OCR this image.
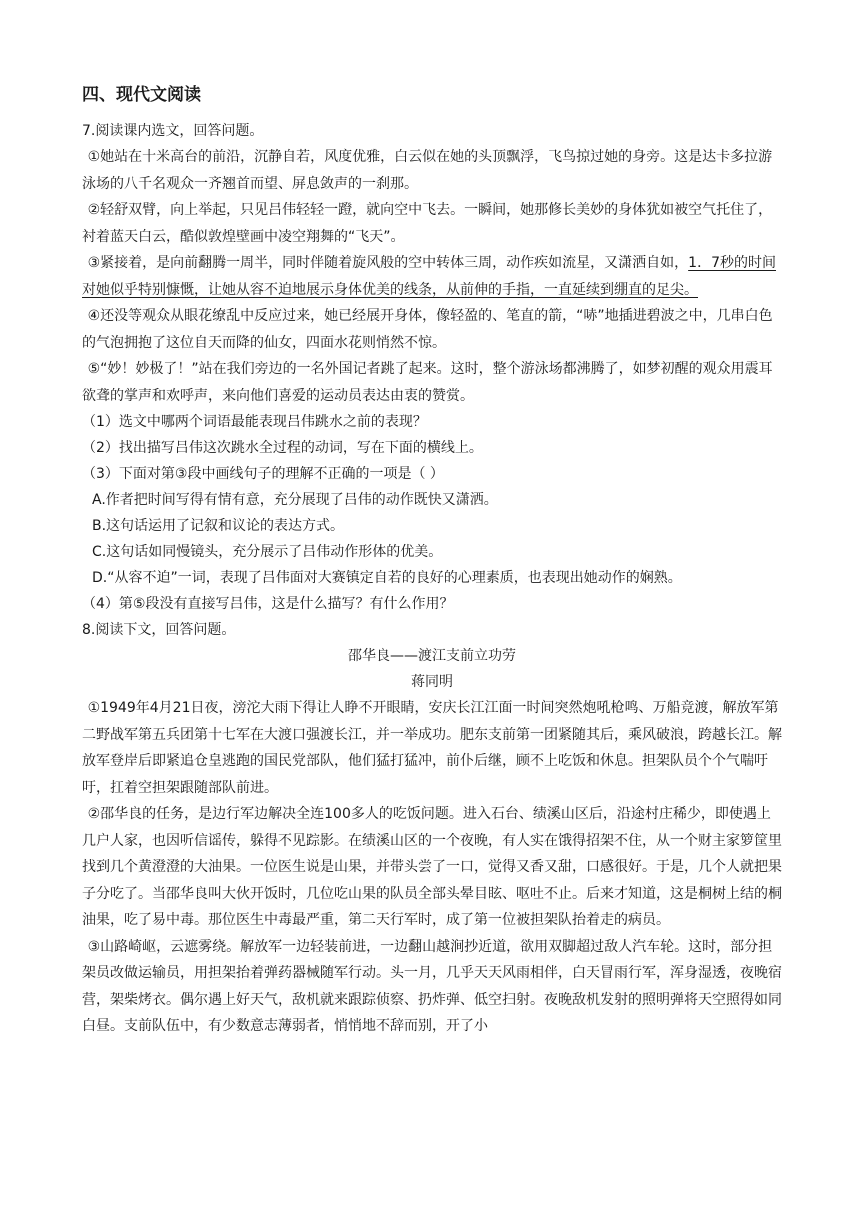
四、现代文阅读

7.阅读课内选文，回答问题。

①她站在十米高台的前沿，沉静自若，风度优雅，白云似在她的头顶飘浮，飞鸟掠过她的身旁。这是达卡多拉游泳场的八千名观众一齐翘首而望、屏息敛声的一刹那。

②轻舒双臂，向上举起，只见吕伟轻轻一蹬，就向空中飞去。一瞬间，她那修长美妙的身体犹如被空气托住了，衬着蓝天白云，酷似敦煌壁画中凌空翔舞的“飞天”。

③紧接着，是向前翻腾一周半，同时伴随着旋风般的空中转体三周，动作疾如流星，又潇洒自如，1．7秒的时间对她似乎特别慷慨，让她从容不迫地展示身体优美的线条，从前伸的手指，一直延续到绷直的足尖。

④还没等观众从眼花缭乱中反应过来，她已经展开身体，像轻盈的、笔直的箭，“哧”地插进碧波之中，几串白色的气泡拥抱了这位自天而降的仙女，四面水花则悄然不惊。

⑤“妙！妙极了！”站在我们旁边的一名外国记者跳了起来。这时，整个游泳场都沸腾了，如梦初醒的观众用震耳欲聋的掌声和欢呼声，来向他们喜爱的运动员表达由衷的赞赏。

（1）选文中哪两个词语最能表现吕伟跳水之前的表现？

（2）找出描写吕伟这次跳水全过程的动词，写在下面的横线上。

（3）下面对第③段中画线句子的理解不正确的一项是（ ）

A.作者把时间写得有情有意，充分展现了吕伟的动作既快又潇洒。

B.这句话运用了记叙和议论的表达方式。

C.这句话如同慢镜头，充分展示了吕伟动作形体的优美。

D.“从容不迫”一词，表现了吕伟面对大赛镇定自若的良好的心理素质，也表现出她动作的娴熟。

（4）第⑤段没有直接写吕伟，这是什么描写？有什么作用？

8.阅读下文，回答问题。

邵华良——渡江支前立功劳

蒋同明

①1949年4月21日夜，滂沱大雨下得让人睁不开眼睛，安庆长江江面一时间突然炮吼枪鸣、万船竞渡，解放军第二野战军第五兵团第十七军在大渡口强渡长江，并一举成功。肥东支前第一团紧随其后，乘风破浪，跨越长江。解放军登岸后即紧追仓皇逃跑的国民党部队，他们猛打猛冲，前仆后继，顾不上吃饭和休息。担架队员个个气喘吁吁，扛着空担架跟随部队前进。

②邵华良的任务，是边行军边解决全连100多人的吃饭问题。进入石台、绩溪山区后，沿途村庄稀少，即使遇上几户人家，也因听信谣传，躲得不见踪影。在绩溪山区的一个夜晚，有人实在饿得招架不住，从一个财主家箩筐里找到几个黄澄澄的大油果。一位医生说是山果，并带头尝了一口，觉得又香又甜，口感很好。于是，几个人就把果子分吃了。当邵华良叫大伙开饭时，几位吃山果的队员全部头晕目眩、呕吐不止。后来才知道，这是桐树上结的桐油果，吃了易中毒。那位医生中毒最严重，第二天行军时，成了第一位被担架队抬着走的病员。

③山路崎岖，云遮雾绕。解放军一边轻装前进，一边翻山越涧抄近道，欲用双脚超过敌人汽车轮。这时，部分担架员改做运输员，用担架抬着弹药器械随军行动。头一月，几乎天天风雨相伴，白天冒雨行军，浑身湿透，夜晚宿营，架柴烤衣。偶尔遇上好天气，敌机就来跟踪侦察、扔炸弹、低空扫射。夜晚敌机发射的照明弹将天空照得如同白昼。支前队伍中，有少数意志薄弱者，悄悄地不辞而别，开了小
